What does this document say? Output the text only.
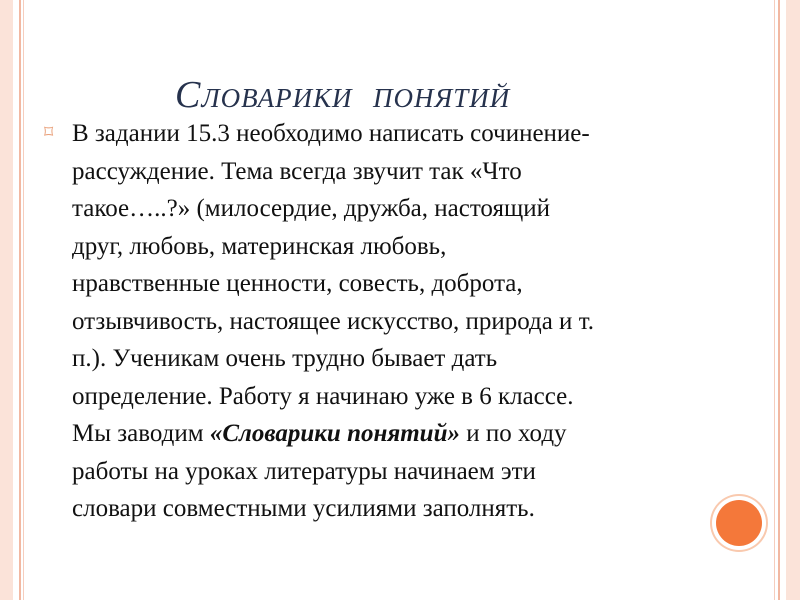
Словарики понятий
⌑ В задании 15.3 необходимо написать сочинение-
рассуждение. Тема всегда звучит так «Что
такое…..?» (милосердие, дружба, настоящий
друг, любовь, материнская любовь,
нравственные ценности, совесть, доброта,
отзывчивость, настоящее искусство, природа и т.
п.). Ученикам очень трудно бывает дать
определение. Работу я начинаю уже в 6 классе.
Мы заводим «Словарики понятий» и по ходу
работы на уроках литературы начинаем эти
словари совместными усилиями заполнять.
